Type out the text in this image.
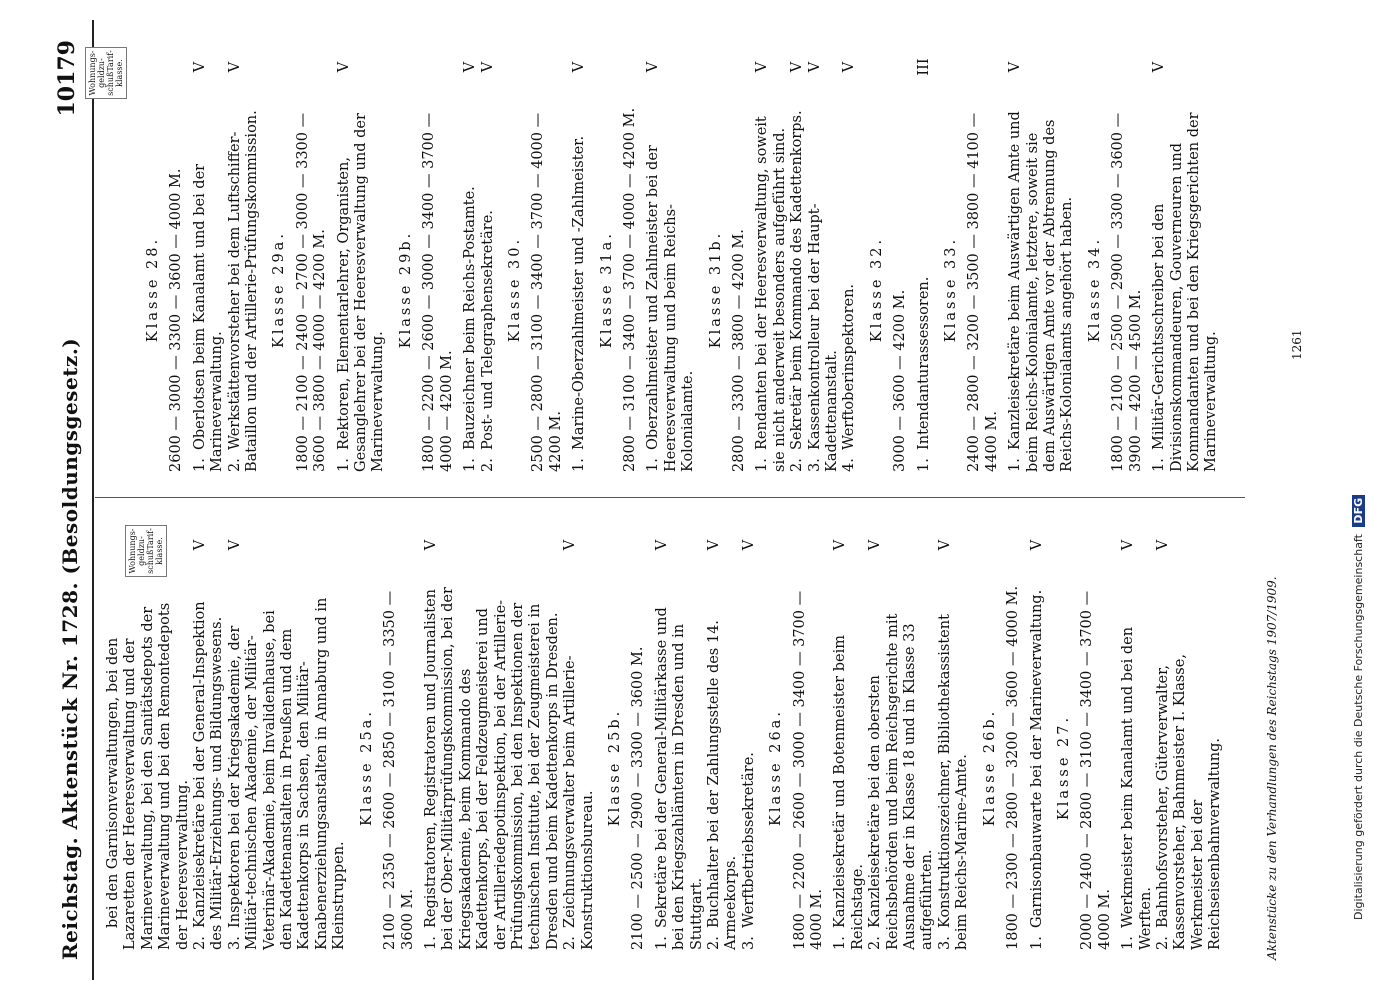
Reichstag. Aktenstück Nr. 1728. (Besoldungsgesetz.)
10179
WohnungsgeldzuschußTarifklasse.
bei den Garnisonverwaltungen, bei den Lazaretten der Heeresverwaltung und der Marineverwaltung, bei den Sanitätsdepots der Marineverwaltung und bei den Remontedepots der Heeresverwaltung. 2.Kanzleisekretäre bei der General-Inspektion des Militär-Erziehungs- und Bildungswesens.
V
3.Inspektoren bei der Kriegsakademie, der Militär-technischen Akademie, der Militär-Veterinär-Akademie, beim Invalidenhause, bei den Kadettenanstalten in Preußen und dem Kadettenkorps in Sachsen, den Militär-Knabenerziehungsanstalten in Annaburg und in Kleinstruppen.
V
Klasse 25a. 2100 — 2350 — 2600 — 2850 — 3100 — 3350 — 3600 M. 1.Registratoren, Registratoren und Journalisten bei der Ober-Militärprüfungskommission, bei der Kriegsakademie, beim Kommando des Kadettenkorps, bei der Feldzeugmeisterei und der Artilleriedepotinspektion, bei der Artillerie-Prüfungskommission, bei den Inspektionen der technischen Institute, bei der Zeugmeisterei in Dresden und beim Kadettenkorps in Dresden.
V
2.Zeichnungsverwalter beim Artillerie-Konstruktionsbureau.
V
Klasse 25b. 2100 — 2500 — 2900 — 3300 — 3600 M. 1.Sekretäre bei der General-Militärkasse und bei den Kriegszahlämtern in Dresden und in Stuttgart.
V
2.Buchhalter bei der Zahlungsstelle des 14. Armeekorps.
V
3.Werftbetriebssekretäre.
V
Klasse 26a. 1800 — 2200 — 2600 — 3000 — 3400 — 3700 — 4000 M. 1.Kanzleisekretär und Botenmeister beim Reichstage.
V
2.Kanzleisekretäre bei den obersten Reichsbehörden und beim Reichsgerichte mit Ausnahme der in Klasse 18 und in Klasse 33 aufgeführten.
V
3.Konstruktionszeichner, Bibliothekassistent beim Reichs-Marine-Amte.
V
Klasse 26b. 1800 — 2300 — 2800 — 3200 — 3600 — 4000 M. 1.Garnisonbauwarte bei der Marineverwaltung.
V
Klasse 27. 2000 — 2400 — 2800 — 3100 — 3400 — 3700 — 4000 M. 1.Werkmeister beim Kanalamt und bei den Werften.
V
2.Bahnhofsvorsteher, Güterverwalter, Kassenvorsteher, Bahnmeister I. Klasse, Werkmeister bei der Reichseisenbahnverwaltung.
V
WohnungsgeldzuschußTarifklasse.
Klasse 28. 2600 — 3000 — 3300 — 3600 — 4000 M. 1.Oberlotsen beim Kanalamt und bei der Marineverwaltung.
V
2.Werkstättenvorsteher bei dem Luftschiffer-Bataillon und der Artillerie-Prüfungskommission.
V
Klasse 29a. 1800 — 2100 — 2400 — 2700 — 3000 — 3300 — 3600 — 3800 — 4000 — 4200 M. 1.Rektoren, Elementarlehrer, Organisten, Gesanglehrer bei der Heeresverwaltung und der Marineverwaltung.
V
Klasse 29b. 1800 — 2200 — 2600 — 3000 — 3400 — 3700 — 4000 — 4200 M. 1.Bauzeichner beim Reichs-Postamte.
V
2.Post- und Telegraphensekretäre.
V
Klasse 30. 2500 — 2800 — 3100 — 3400 — 3700 — 4000 — 4200 M. 1.Marine-Oberzahlmeister und -Zahlmeister.
V
Klasse 31a. 2800 — 3100 — 3400 — 3700 — 4000 — 4200 M. 1.Oberzahlmeister und Zahlmeister bei der Heeresverwaltung und beim Reichs-Kolonialamte.
V
Klasse 31b. 2800 — 3300 — 3800 — 4200 M. 1.Rendanten bei der Heeresverwaltung, soweit sie nicht anderweit besonders aufgeführt sind.
V
2.Sekretär beim Kommando des Kadettenkorps.
V
3.Kassenkontrolleur bei der Haupt-Kadettenanstalt.
V
4.Werftoberinspektoren.
V
Klasse 32.
3000 — 3600 — 4200 M. 1.Intendanturassessoren.
III
Klasse 33. 2400 — 2800 — 3200 — 3500 — 3800 — 4100 — 4400 M. 1.Kanzleisekretäre beim Auswärtigen Amte und beim Reichs-Kolonialamte, letztere, soweit sie dem Auswärtigen Amte vor der Abtrennung des Reichs-Kolonialamts angehört haben.
V
Klasse 34. 1800 — 2100 — 2500 — 2900 — 3300 — 3600 — 3900 — 4200 — 4500 M. 1.Militär-Gerichtsschreiber bei den Divisionskommandeuren, Gouverneuren und Kommandanten und bei den Kriegsgerichten der Marineverwaltung.
V
Aktenstücke zu den Verhandlungen des Reichstags 1907/1909.
1261
Digitalisierung gefördert durch die Deutsche Forschungsgemeinschaft DFG
